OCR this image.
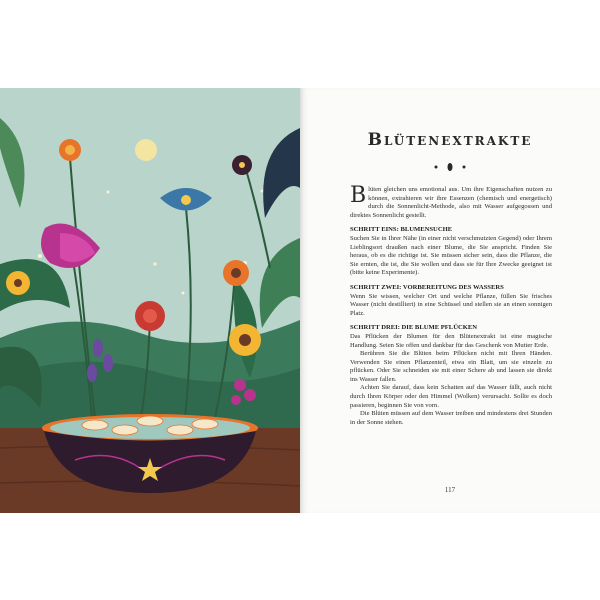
Blütenextrakte

Blüten gleichen uns emotional aus. Um ihre Eigenschaften nutzen zu können, extrahieren wir ihre Essenzen (chemisch und energetisch) durch die Sonnenlicht-Methode, also mit Wasser aufgegossen und direktes Sonnenlicht gestellt.

SCHRITT EINS: BLUMENSUCHE

Suchen Sie in Ihrer Nähe (in einer nicht verschmutzten Gegend) oder Ihrem Lieblingsort draußen nach einer Blume, die Sie anspricht. Finden Sie heraus, ob es die richtige ist. Sie müssen sicher sein, dass die Pflanze, die Sie ernten, die ist, die Sie wollen und dass sie für Ihre Zwecke geeignet ist (bitte keine Experimente).

SCHRITT ZWEI: VORBEREITUNG DES WASSERS

Wenn Sie wissen, welcher Ort und welche Pflanze, füllen Sie frisches Wasser (nicht destilliert) in eine Schüssel und stellen sie an einen sonnigen Platz.

SCHRITT DREI: DIE BLUME PFLÜCKEN

Das Pflücken der Blumen für den Blütenextrakt ist eine magische Handlung. Seien Sie offen und dankbar für das Geschenk von Mutter Erde.

Berühren Sie die Blüten beim Pflücken nicht mit Ihren Händen. Verwenden Sie einen Pflanzenteil, etwa ein Blatt, um sie einzeln zu pflücken. Oder Sie schneiden sie mit einer Schere ab und lassen sie direkt ins Wasser fallen.

Achten Sie darauf, dass kein Schatten auf das Wasser fällt, auch nicht durch Ihren Körper oder den Himmel (Wolken) verursacht. Sollte es doch passieren, beginnen Sie von vorn.

Die Blüten müssen auf dem Wasser treiben und mindestens drei Stunden in der Sonne stehen.

117
